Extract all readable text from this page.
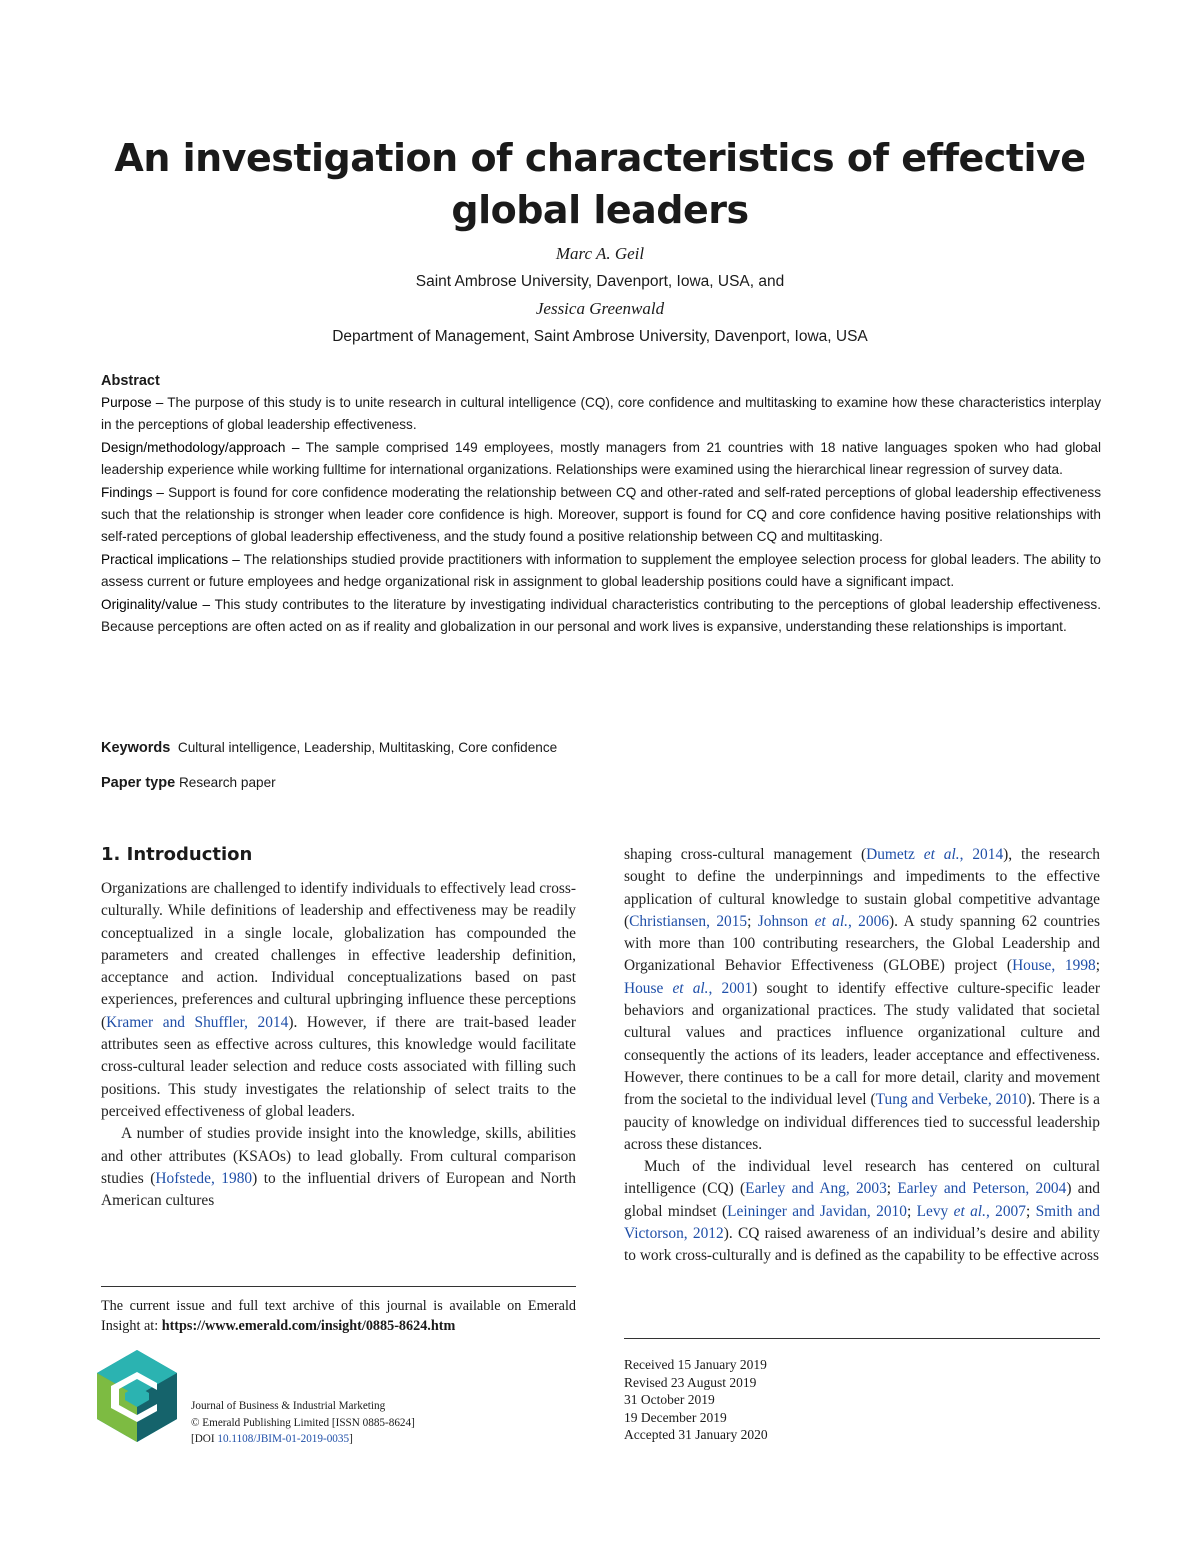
An investigation of characteristics of effective global leaders
Marc A. Geil
Saint Ambrose University, Davenport, Iowa, USA, and
Jessica Greenwald
Department of Management, Saint Ambrose University, Davenport, Iowa, USA
Abstract

Purpose – The purpose of this study is to unite research in cultural intelligence (CQ), core confidence and multitasking to examine how these characteristics interplay in the perceptions of global leadership effectiveness.

Design/methodology/approach – The sample comprised 149 employees, mostly managers from 21 countries with 18 native languages spoken who had global leadership experience while working fulltime for international organizations. Relationships were examined using the hierarchical linear regression of survey data.

Findings – Support is found for core confidence moderating the relationship between CQ and other-rated and self-rated perceptions of global leadership effectiveness such that the relationship is stronger when leader core confidence is high. Moreover, support is found for CQ and core confidence having positive relationships with self-rated perceptions of global leadership effectiveness, and the study found a positive relationship between CQ and multitasking.

Practical implications – The relationships studied provide practitioners with information to supplement the employee selection process for global leaders. The ability to assess current or future employees and hedge organizational risk in assignment to global leadership positions could have a significant impact.

Originality/value – This study contributes to the literature by investigating individual characteristics contributing to the perceptions of global leadership effectiveness. Because perceptions are often acted on as if reality and globalization in our personal and work lives is expansive, understanding these relationships is important.

Keywords Cultural intelligence, Leadership, Multitasking, Core confidence
Paper type Research paper
1. Introduction

Organizations are challenged to identify individuals to effectively lead cross-culturally. While definitions of leadership and effectiveness may be readily conceptualized in a single locale, globalization has compounded the parameters and created challenges in effective leadership definition, acceptance and action. Individual conceptualizations based on past experiences, preferences and cultural upbringing influence these perceptions (Kramer and Shuffler, 2014). However, if there are trait-based leader attributes seen as effective across cultures, this knowledge would facilitate cross-cultural leader selection and reduce costs associated with filling such positions. This study investigates the relationship of select traits to the perceived effectiveness of global leaders.

A number of studies provide insight into the knowledge, skills, abilities and other attributes (KSAOs) to lead globally. From cultural comparison studies (Hofstede, 1980) to the influential drivers of European and North American cultures

shaping cross-cultural management (Dumetz et al., 2014), the research sought to define the underpinnings and impediments to the effective application of cultural knowledge to sustain global competitive advantage (Christiansen, 2015; Johnson et al., 2006). A study spanning 62 countries with more than 100 contributing researchers, the Global Leadership and Organizational Behavior Effectiveness (GLOBE) project (House, 1998; House et al., 2001) sought to identify effective culture-specific leader behaviors and organizational practices. The study validated that societal cultural values and practices influence organizational culture and consequently the actions of its leaders, leader acceptance and effectiveness. However, there continues to be a call for more detail, clarity and movement from the societal to the individual level (Tung and Verbeke, 2010). There is a paucity of knowledge on individual differences tied to successful leadership across these distances.

Much of the individual level research has centered on cultural intelligence (CQ) (Earley and Ang, 2003; Earley and Peterson, 2004) and global mindset (Leininger and Javidan, 2010; Levy et al., 2007; Smith and Victorson, 2012). CQ raised awareness of an individual’s desire and ability to work cross-culturally and is defined as the capability to be effective across

The current issue and full text archive of this journal is available on Emerald Insight at: https://www.emerald.com/insight/0885-8624.htm
Journal of Business & Industrial Marketing
© Emerald Publishing Limited [ISSN 0885-8624]
[DOI 10.1108/JBIM-01-2019-0035]
Received 15 January 2019
Revised 23 August 2019
31 October 2019
19 December 2019
Accepted 31 January 2020
